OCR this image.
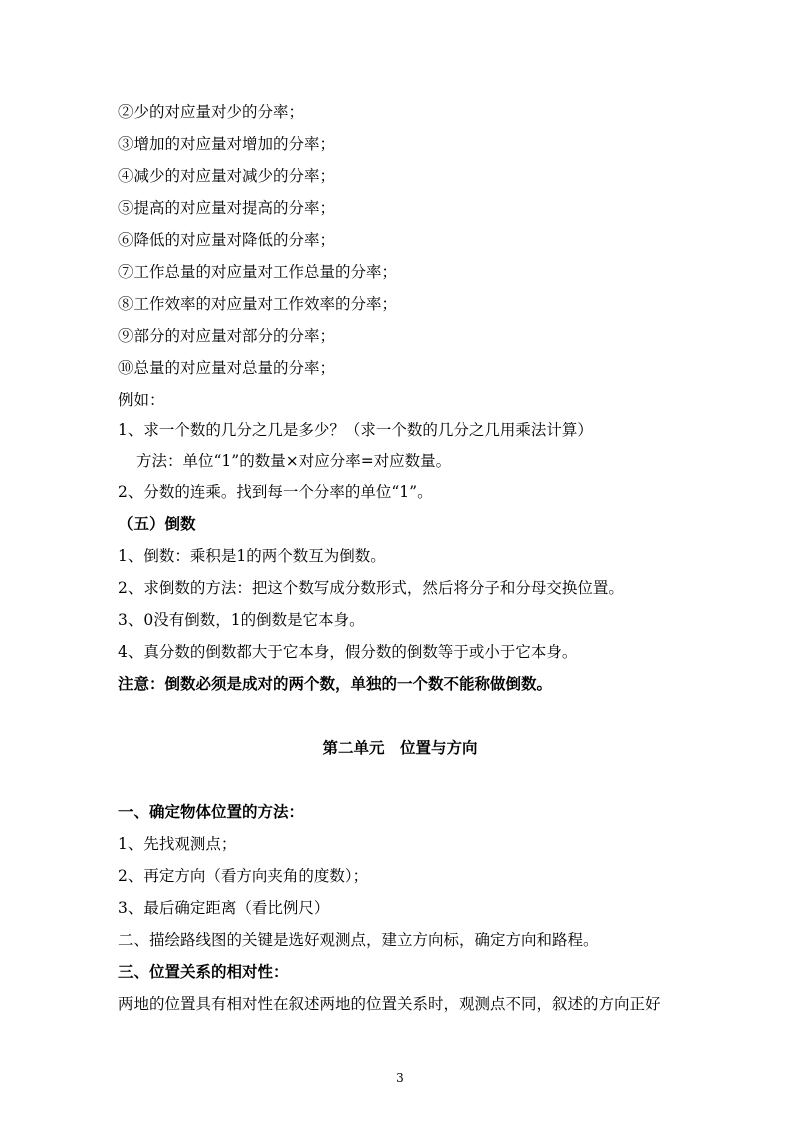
②少的对应量对少的分率；
③增加的对应量对增加的分率；
④减少的对应量对减少的分率；
⑤提高的对应量对提高的分率；
⑥降低的对应量对降低的分率；
⑦工作总量的对应量对工作总量的分率；
⑧工作效率的对应量对工作效率的分率；
⑨部分的对应量对部分的分率；
⑩总量的对应量对总量的分率；
例如：
1、求一个数的几分之几是多少？（求一个数的几分之几用乘法计算）
方法：单位“1”的数量×对应分率=对应数量。
2、分数的连乘。找到每一个分率的单位“1”。
（五）倒数
1、倒数：乘积是1的两个数互为倒数。
2、求倒数的方法：把这个数写成分数形式，然后将分子和分母交换位置。
3、0没有倒数，1的倒数是它本身。
4、真分数的倒数都大于它本身，假分数的倒数等于或小于它本身。
注意：倒数必须是成对的两个数，单独的一个数不能称做倒数。
第二单元　位置与方向
一、确定物体位置的方法：
1、先找观测点；
2、再定方向（看方向夹角的度数）；
3、最后确定距离（看比例尺）
二、描绘路线图的关键是选好观测点，建立方向标，确定方向和路程。
三、位置关系的相对性：
两地的位置具有相对性在叙述两地的位置关系时，观测点不同，叙述的方向正好
3
